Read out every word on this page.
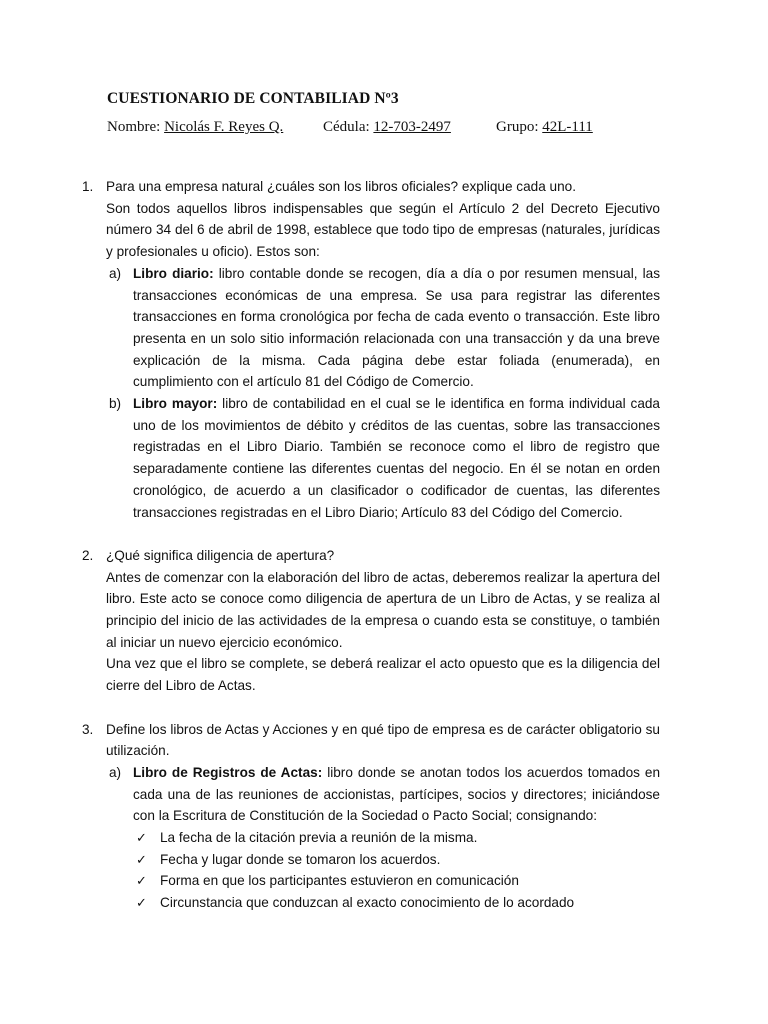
CUESTIONARIO DE CONTABILIAD Nº3
Nombre: Nicolás F. Reyes Q.	Cédula: 12-703-2497	Grupo: 42L-111
1. Para una empresa natural ¿cuáles son los libros oficiales? explique cada uno.
Son todos aquellos libros indispensables que según el Artículo 2 del Decreto Ejecutivo número 34 del 6 de abril de 1998, establece que todo tipo de empresas (naturales, jurídicas y profesionales u oficio). Estos son:
a) Libro diario: libro contable donde se recogen, día a día o por resumen mensual, las transacciones económicas de una empresa. Se usa para registrar las diferentes transacciones en forma cronológica por fecha de cada evento o transacción. Este libro presenta en un solo sitio información relacionada con una transacción y da una breve explicación de la misma. Cada página debe estar foliada (enumerada), en cumplimiento con el artículo 81 del Código de Comercio.
b) Libro mayor: libro de contabilidad en el cual se le identifica en forma individual cada uno de los movimientos de débito y créditos de las cuentas, sobre las transacciones registradas en el Libro Diario. También se reconoce como el libro de registro que separadamente contiene las diferentes cuentas del negocio. En él se notan en orden cronológico, de acuerdo a un clasificador o codificador de cuentas, las diferentes transacciones registradas en el Libro Diario; Artículo 83 del Código del Comercio.
2. ¿Qué significa diligencia de apertura?
Antes de comenzar con la elaboración del libro de actas, deberemos realizar la apertura del libro. Este acto se conoce como diligencia de apertura de un Libro de Actas, y se realiza al principio del inicio de las actividades de la empresa o cuando esta se constituye, o también al iniciar un nuevo ejercicio económico.
Una vez que el libro se complete, se deberá realizar el acto opuesto que es la diligencia del cierre del Libro de Actas.
3. Define los libros de Actas y Acciones y en qué tipo de empresa es de carácter obligatorio su utilización.
a) Libro de Registros de Actas: libro donde se anotan todos los acuerdos tomados en cada una de las reuniones de accionistas, partícipes, socios y directores; iniciándose con la Escritura de Constitución de la Sociedad o Pacto Social; consignando:
✓ La fecha de la citación previa a reunión de la misma.
✓ Fecha y lugar donde se tomaron los acuerdos.
✓ Forma en que los participantes estuvieron en comunicación
✓ Circunstancia que conduzcan al exacto conocimiento de lo acordado
